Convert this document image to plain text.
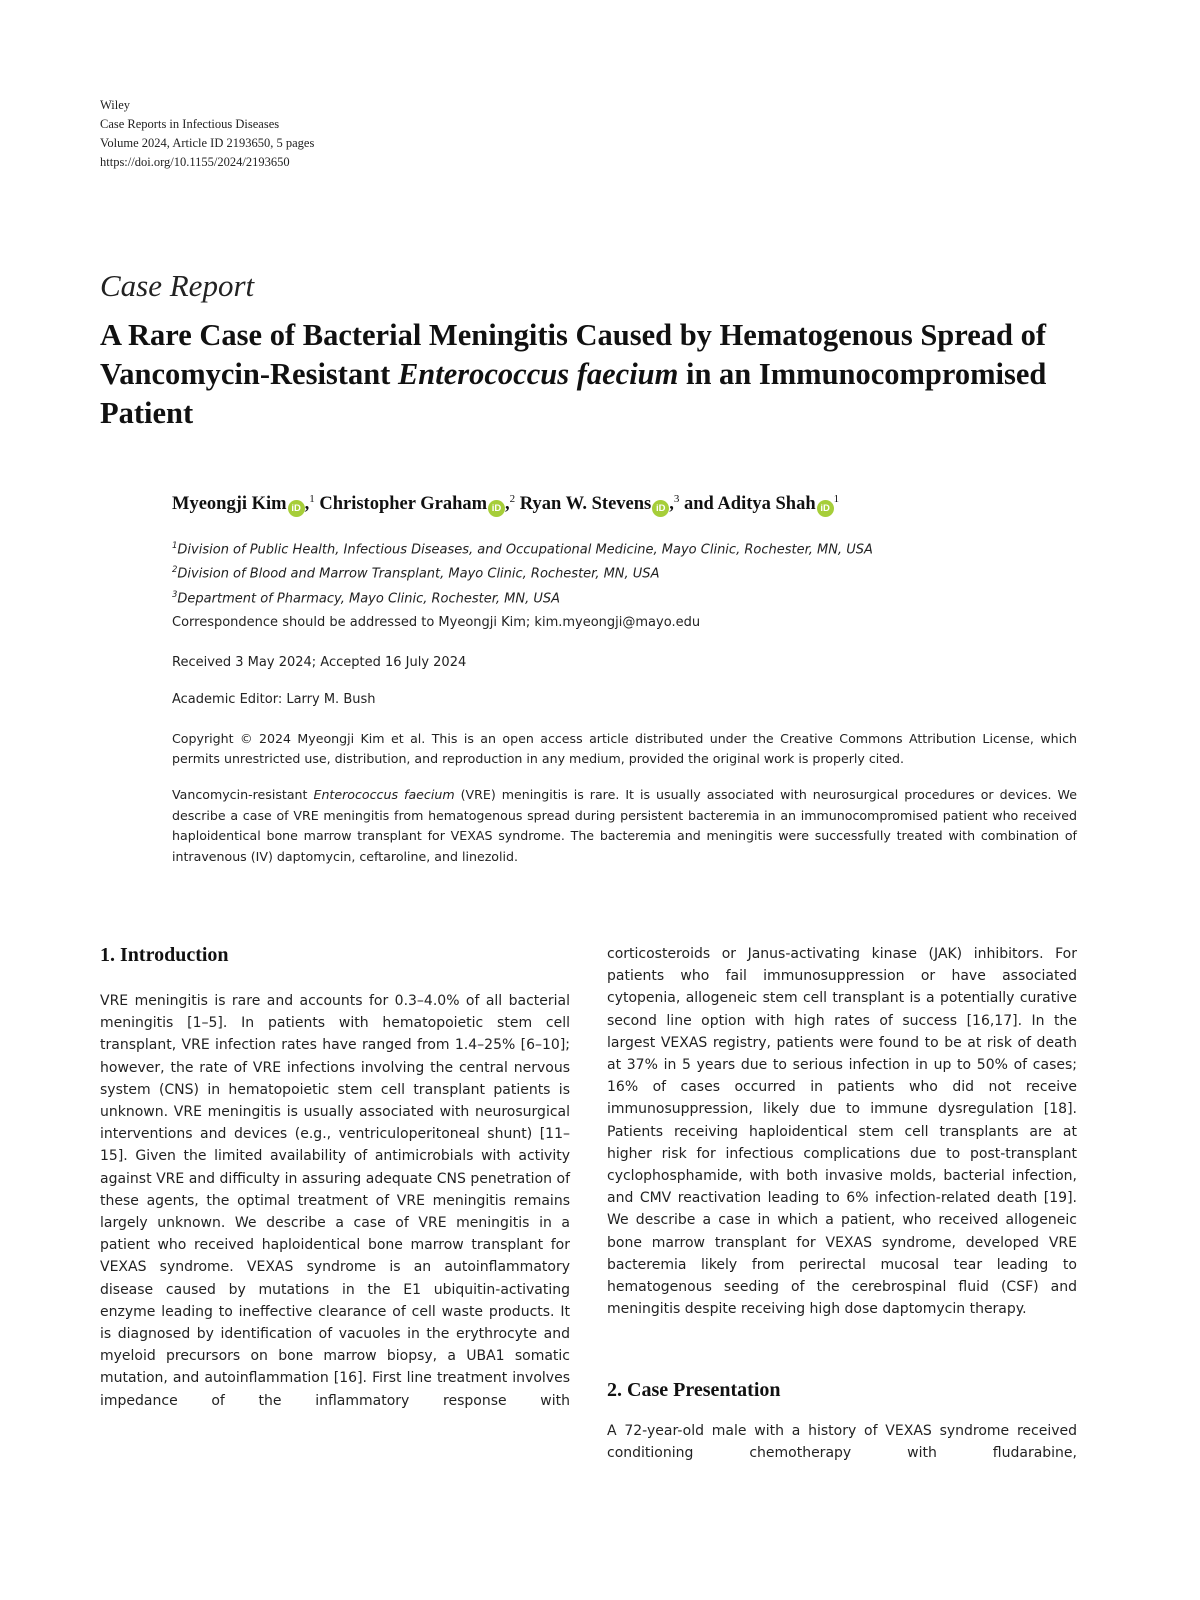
Wiley
Case Reports in Infectious Diseases
Volume 2024, Article ID 2193650, 5 pages
https://doi.org/10.1155/2024/2193650
Case Report
A Rare Case of Bacterial Meningitis Caused by Hematogenous Spread of Vancomycin-Resistant Enterococcus faecium in an Immunocompromised Patient
Myeongji Kim iD ,$^1$ Christopher Graham iD ,$^2$ Ryan W. Stevens iD ,$^3$ and Aditya Shah $iD^1$
$^1$Division of Public Health, Infectious Diseases, and Occupational Medicine, Mayo Clinic, Rochester, MN, USA
$^2$Division of Blood and Marrow Transplant, Mayo Clinic, Rochester, MN, USA
$^3$Department of Pharmacy, Mayo Clinic, Rochester, MN, USA
Correspondence should be addressed to Myeongji Kim; kim.myeongji@mayo.edu
Received 3 May 2024; Accepted 16 July 2024
Academic Editor: Larry M. Bush
Copyright © 2024 Myeongji Kim et al. This is an open access article distributed under the Creative Commons Attribution License, which permits unrestricted use, distribution, and reproduction in any medium, provided the original work is properly cited.
Vancomycin-resistant Enterococcus faecium (VRE) meningitis is rare. It is usually associated with neurosurgical procedures or devices. We describe a case of VRE meningitis from hematogenous spread during persistent bacteremia in an immunocompromised patient who received haploidentical bone marrow transplant for VEXAS syndrome. The bacteremia and meningitis were successfully treated with combination of intravenous (IV) daptomycin, ceftaroline, and linezolid.
1. Introduction

VRE meningitis is rare and accounts for 0.3–4.0% of all bacterial meningitis [1–5]. In patients with hematopoietic stem cell transplant, VRE infection rates have ranged from 1.4–25% [6–10]; however, the rate of VRE infections involving the central nervous system (CNS) in hematopoietic stem cell transplant patients is unknown. VRE meningitis is usually associated with neurosurgical interventions and devices (e.g., ventriculoperitoneal shunt) [11–15]. Given the limited availability of antimicrobials with activity against VRE and difficulty in assuring adequate CNS penetration of these agents, the optimal treatment of VRE meningitis remains largely unknown. We describe a case of VRE meningitis in a patient who received haploidentical bone marrow transplant for VEXAS syndrome. VEXAS syndrome is an autoinflammatory disease caused by mutations in the E1 ubiquitin-activating enzyme leading to ineffective clearance of cell waste products. It is diagnosed by identification of vacuoles in the erythrocyte and myeloid precursors on bone marrow biopsy, a UBA1 somatic mutation, and autoinflammation [16]. First line treatment involves impedance of the inflammatory response with

corticosteroids or Janus-activating kinase (JAK) inhibitors. For patients who fail immunosuppression or have associated cytopenia, allogeneic stem cell transplant is a potentially curative second line option with high rates of success [16,17]. In the largest VEXAS registry, patients were found to be at risk of death at 37% in 5 years due to serious infection in up to 50% of cases; 16% of cases occurred in patients who did not receive immunosuppression, likely due to immune dysregulation [18]. Patients receiving haploidentical stem cell transplants are at higher risk for infectious complications due to post-transplant cyclophosphamide, with both invasive molds, bacterial infection, and CMV reactivation leading to 6% infection-related death [19]. We describe a case in which a patient, who received allogeneic bone marrow transplant for VEXAS syndrome, developed VRE bacteremia likely from perirectal mucosal tear leading to hematogenous seeding of the cerebrospinal fluid (CSF) and meningitis despite receiving high dose daptomycin therapy.

2. Case Presentation

A 72-year-old male with a history of VEXAS syndrome received conditioning chemotherapy with fludarabine,
